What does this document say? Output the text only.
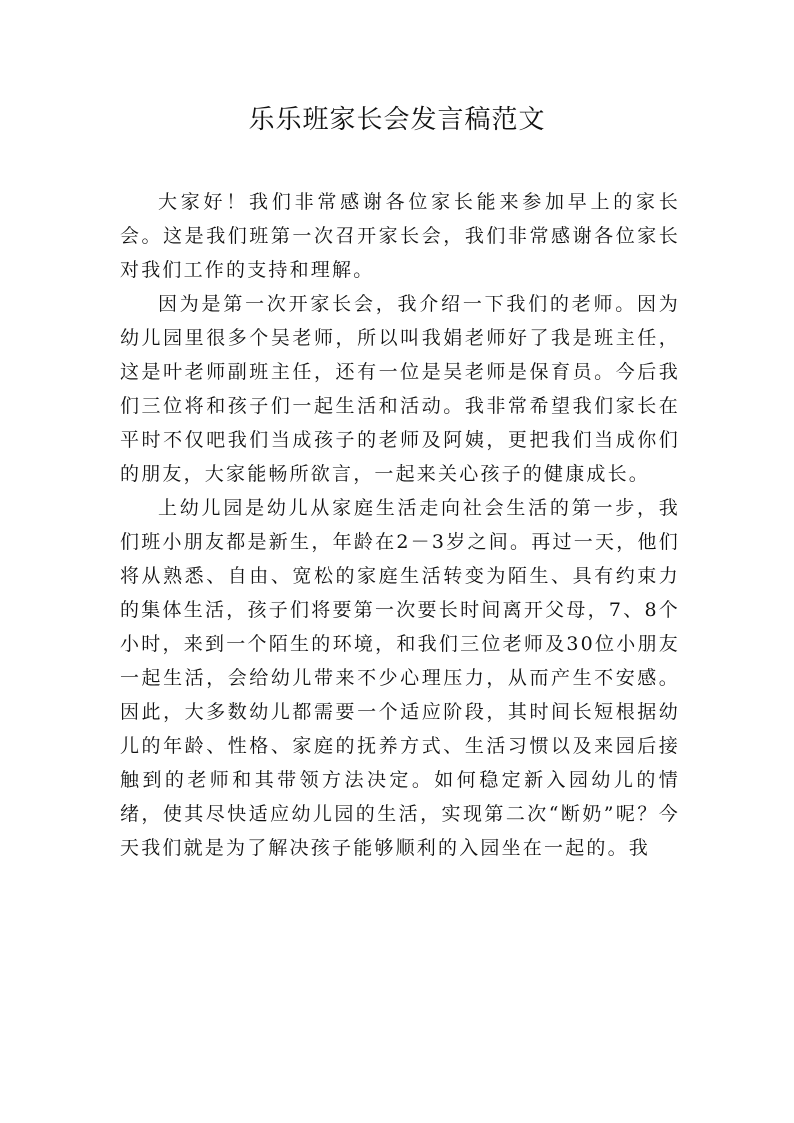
乐乐班家长会发言稿范文

大家好！我们非常感谢各位家长能来参加早上的家长会。这是我们班第一次召开家长会，我们非常感谢各位家长对我们工作的支持和理解。

因为是第一次开家长会，我介绍一下我们的老师。因为幼儿园里很多个吴老师，所以叫我娟老师好了我是班主任，这是叶老师副班主任，还有一位是吴老师是保育员。今后我们三位将和孩子们一起生活和活动。我非常希望我们家长在平时不仅吧我们当成孩子的老师及阿姨，更把我们当成你们的朋友，大家能畅所欲言，一起来关心孩子的健康成长。

上幼儿园是幼儿从家庭生活走向社会生活的第一步，我们班小朋友都是新生，年龄在2－3岁之间。再过一天，他们将从熟悉、自由、宽松的家庭生活转变为陌生、具有约束力的集体生活，孩子们将要第一次要长时间离开父母，7、8个小时，来到一个陌生的环境，和我们三位老师及30位小朋友一起生活，会给幼儿带来不少心理压力，从而产生不安感。因此，大多数幼儿都需要一个适应阶段，其时间长短根据幼儿的年龄、性格、家庭的抚养方式、生活习惯以及来园后接触到的老师和其带领方法决定。如何稳定新入园幼儿的情绪，使其尽快适应幼儿园的生活，实现第二次“断奶”呢？今天我们就是为了解决孩子能够顺利的入园坐在一起的。我
